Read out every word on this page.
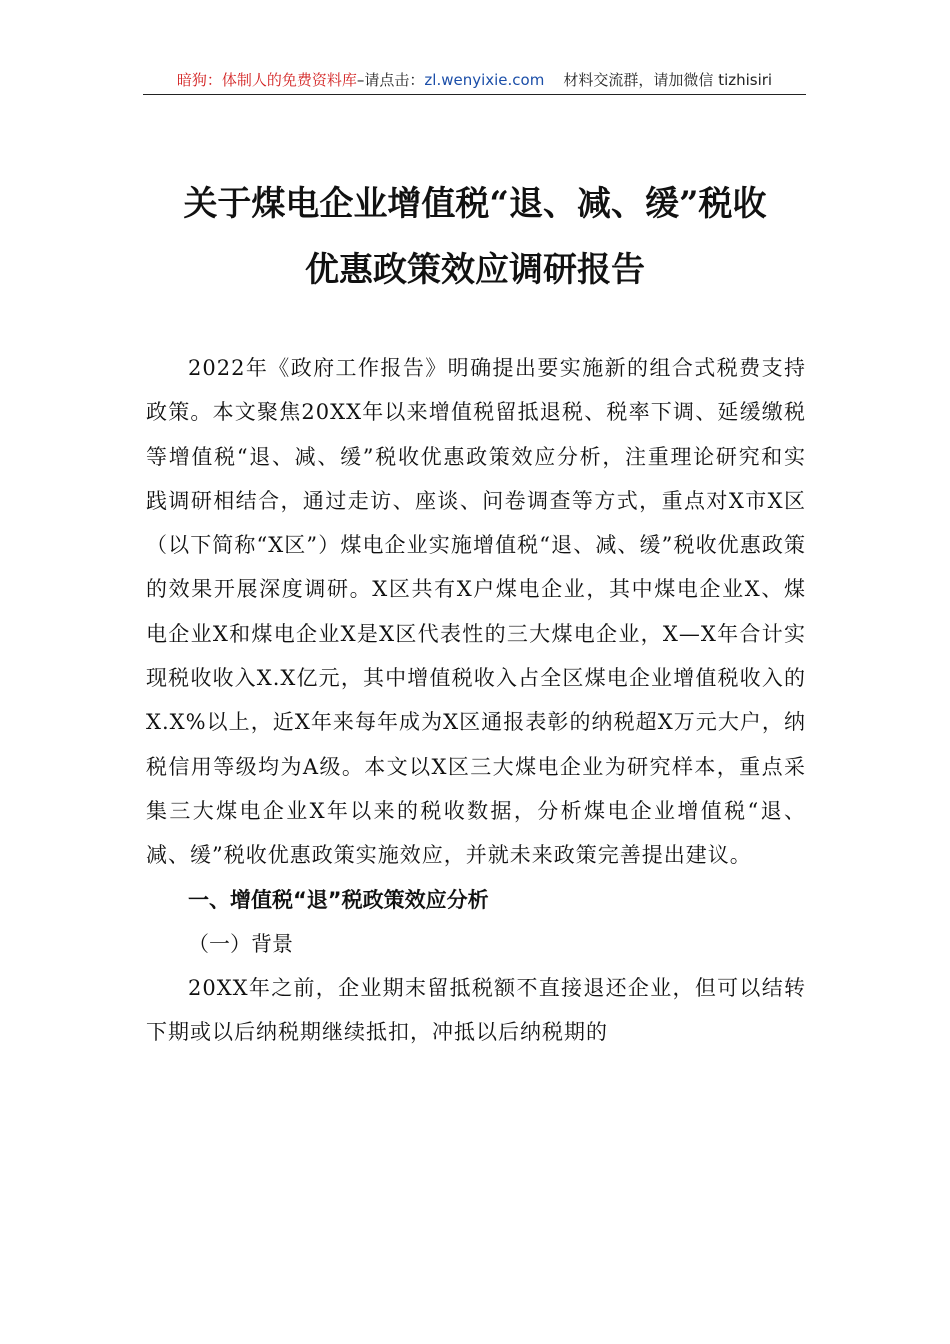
暗狗：体制人的免费资料库–请点击：zl.wenyixie.com 材料交流群，请加微信 tizhisiri
关于煤电企业增值税“退、减、缓”税收
优惠政策效应调研报告

2022年《政府工作报告》明确提出要实施新的组合式税费支持政策。本文聚焦20XX年以来增值税留抵退税、税率下调、延缓缴税等增值税“退、减、缓”税收优惠政策效应分析，注重理论研究和实践调研相结合，通过走访、座谈、问卷调查等方式，重点对X市X区（以下简称“X区”）煤电企业实施增值税“退、减、缓”税收优惠政策的效果开展深度调研。X区共有X户煤电企业，其中煤电企业X、煤电企业X和煤电企业X是X区代表性的三大煤电企业，X—X年合计实现税收收入X.X亿元，其中增值税收入占全区煤电企业增值税收入的X.X%以上，近X年来每年成为X区通报表彰的纳税超X万元大户，纳税信用等级均为A级。本文以X区三大煤电企业为研究样本，重点采集三大煤电企业X年以来的税收数据，分析煤电企业增值税“退、减、缓”税收优惠政策实施效应，并就未来政策完善提出建议。

一、增值税“退”税政策效应分析

（一）背景

20XX年之前，企业期末留抵税额不直接退还企业，但可以结转下期或以后纳税期继续抵扣，冲抵以后纳税期的
